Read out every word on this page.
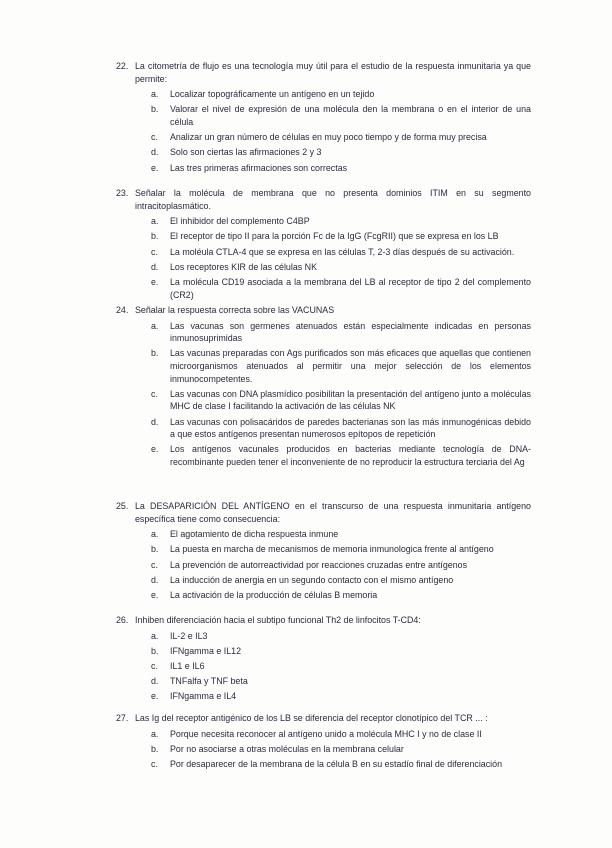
22. La citometría de flujo es una tecnología muy útil para el estudio de la respuesta inmunitaria ya que permite:
a.	Localizar topográficamente un antígeno en un tejido
b.	Valorar el nivel de expresión de una molécula den la membrana o en el interior de una célula
c.	Analizar un gran número de células en muy poco tiempo y de forma muy precisa
d.	Solo son ciertas las afirmaciones 2 y 3
e.	Las tres primeras afirmaciones son correctas
23. Señalar la molécula de membrana que no presenta dominios ITIM en su segmento intracitoplasmático.
a.	El inhibidor del complemento C4BP
b.	El receptor de tipo II para la porción Fc de la IgG (FcgRII) que se expresa en los LB
c.	La moléula CTLA-4 que se expresa en las células T, 2-3 días después de su activación.
d.	Los receptores KIR de las células NK
e.	La molécula CD19 asociada a la membrana del LB al receptor de tipo 2 del complemento (CR2)
24. Señalar la respuesta correcta sobre las VACUNAS
a.	Las vacunas son germenes atenuados están especialmente indicadas en personas inmunosuprimidas
b.	Las vacunas preparadas con Ags purificados son más eficaces que aquellas que contienen microorganismos atenuados al permitir una mejor selección de los elementos inmunocompetentes.
c.	Las vacunas con DNA plasmídico posibilitan la presentación del antígeno junto a moléculas MHC de clase I facilitando la activación de las células NK
d.	Las vacunas con polisacáridos de paredes bacterianas son las más inmunogénicas debido a que estos antígenos presentan numerosos epítopos de repetición
e.	Los antígenos vacunales producidos en bacterias mediante tecnología de DNA-recombinante pueden tener el inconveniente de no reproducir la estructura terciaria del Ag
25. La DESAPARICIÓN DEL ANTÍGENO en el transcurso de una respuesta inmunitaria antígeno específica tiene como consecuencia:
a.	El agotamiento de dicha respuesta inmune
b.	La puesta en marcha de mecanismos de memoria inmunologica frente al antígeno
c.	La prevención de autorreactividad por reacciones cruzadas entre antígenos
d.	La inducción de anergia en un segundo contacto con el mismo antígeno
e.	La activación de la producción de células B memoria
26. Inhiben diferenciación hacia el subtipo funcional Th2 de linfocitos T-CD4:
a.	IL-2 e IL3
b.	IFNgamma e IL12
c.	IL1 e IL6
d.	TNFalfa y TNF beta
e.	IFNgamma e IL4
27. Las Ig del receptor antigénico de los LB se diferencia del receptor clonotípico del TCR ... :
a.	Porque necesita reconocer al antígeno unido a molécula MHC I y no de clase II
b.	Por no asociarse a otras moléculas en la membrana celular
c.	Por desaparecer de la membrana de la célula B en su estadío final de diferenciación
